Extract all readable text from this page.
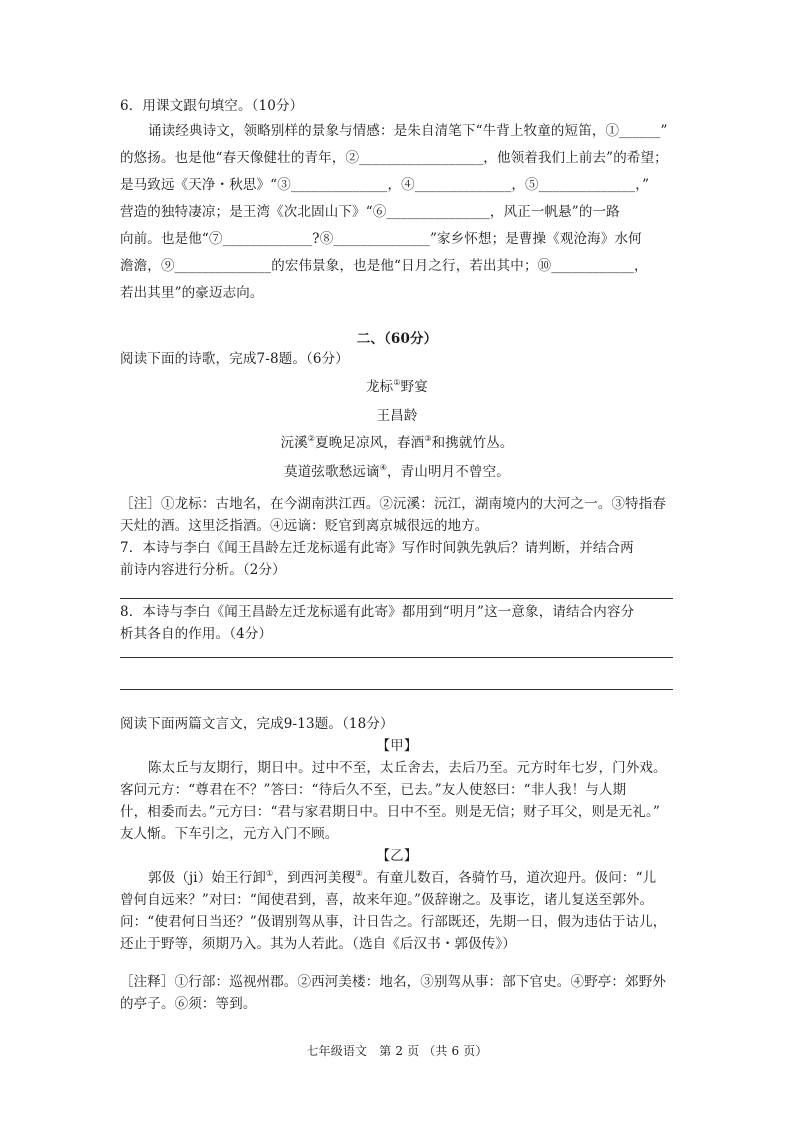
6．用课文跟句填空。（10分）

诵读经典诗文，领略别样的景象与情感：是朱自清笔下“牛背上牧童的短笛，①______”

的悠扬。也是他“春天像健壮的青年，②__________________，他领着我们上前去”的希望；

是马致远《天净・秋思》“③______________，④______________，⑤______________，”

营造的独特凄凉；是王湾《次北固山下》“⑥_______________，风正一帆悬”的一路

向前。也是他“⑦_____________?⑧______________”家乡怀想；是曹操《观沧海》水何

澹澹，⑨______________的宏伟景象，也是他“日月之行，若出其中；⑩____________，

若出其里”的豪迈志向。

二、（60分）

阅读下面的诗歌，完成7-8题。（6分）

龙标①野宴

王昌龄

沅溪②夏晚足凉风，春酒③和携就竹丛。

莫道弦歌愁远谪④，青山明月不曾空。

［注］①龙标：古地名，在今湖南洪江西。②沅溪：沅江，湖南境内的大河之一。③特指春

天灶的酒。这里泛指酒。④远谪：贬官到离京城很远的地方。

7．本诗与李白《闻王昌龄左迁龙标遥有此寄》写作时间孰先孰后？请判断，并结合两

前诗内容进行分析。（2分）

8．本诗与李白《闻王昌龄左迁龙标遥有此寄》都用到“明月”这一意象，请结合内容分

析其各自的作用。（4分）

阅读下面两篇文言文，完成9-13题。（18分）

【甲】

陈太丘与友期行，期日中。过中不至，太丘舍去，去后乃至。元方时年七岁，门外戏。

客问元方：“尊君在不？”答曰：“待后久不至，已去。”友人使怒曰：“非人我！与人期

什，相委而去。”元方曰：“君与家君期日中。日中不至。则是无信；财子耳父，则是无礼。”

友人惭。下车引之，元方入门不顾。

【乙】

郭伋（ji）始王行卸①，到西河美稷②。有童儿数百，各骑竹马，道次迎丹。伋问：“儿

曾何自远来？”对曰：“闻使君到，喜，故来年迎。”伋辞谢之。及事讫，诸儿复送至郭外。

问：“使君何日当还？”伋谓别驾从事，计日告之。行部既还，先期一日，假为违估于诂儿，

还止于野等，须期乃入。其为人若此。（选自《后汉书・郭伋传》）

［注释］①行部：巡视州郡。②西河美楼：地名，③别驾从事：部下官史。④野亭：郊野外

的亭子。⑥须：等到。

七年级语文　第 2 页 （共 6 页）
